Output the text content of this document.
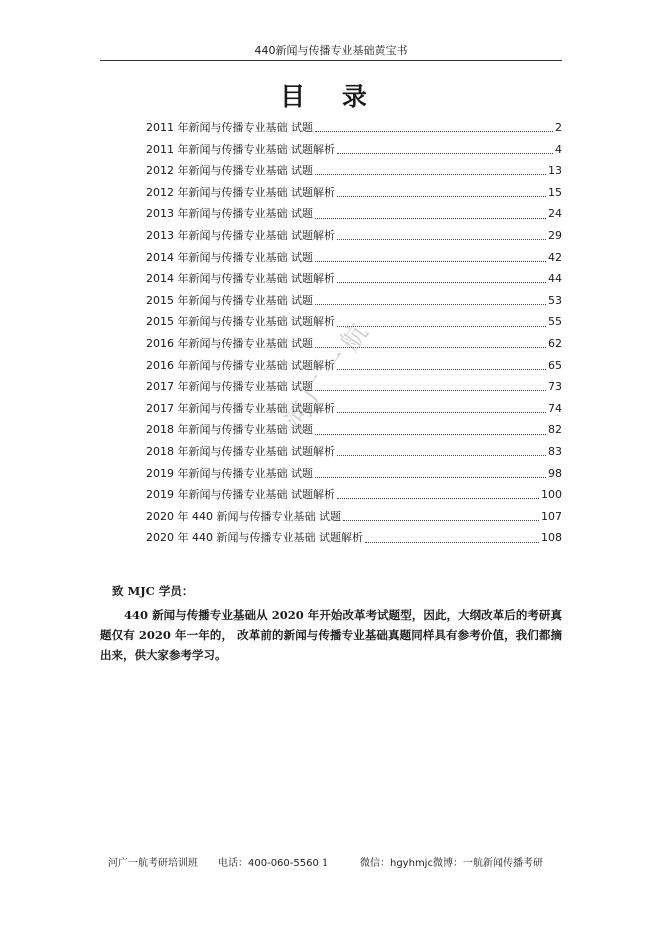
440新闻与传播专业基础黄宝书
目 录
2011 年新闻与传播专业基础 试题	2
2011 年新闻与传播专业基础 试题解析	4
2012 年新闻与传播专业基础 试题	13
2012 年新闻与传播专业基础 试题解析	15
2013 年新闻与传播专业基础 试题	24
2013 年新闻与传播专业基础 试题解析	29
2014 年新闻与传播专业基础 试题	42
2014 年新闻与传播专业基础 试题解析	44
2015 年新闻与传播专业基础 试题	53
2015 年新闻与传播专业基础 试题解析	55
2016 年新闻与传播专业基础 试题	62
2016 年新闻与传播专业基础 试题解析	65
2017 年新闻与传播专业基础 试题	73
2017 年新闻与传播专业基础 试题解析	74
2018 年新闻与传播专业基础 试题	82
2018 年新闻与传播专业基础 试题解析	83
2019 年新闻与传播专业基础 试题	98
2019 年新闻与传播专业基础 试题解析	100
2020 年 440 新闻与传播专业基础 试题	107
2020 年 440 新闻与传播专业基础 试题解析	108
河广一航
致 MJC 学员：
440 新闻与传播专业基础从 2020 年开始改革考试题型，因此，大纲改革后的考研真题仅有 2020 年一年的， 改革前的新闻与传播专业基础真题同样具有参考价值，我们都摘出来，供大家参考学习。
河广一航考研培训班 电话：400-060-5560 1	微信：hgyhmjc 微博：一航新闻传播考研
